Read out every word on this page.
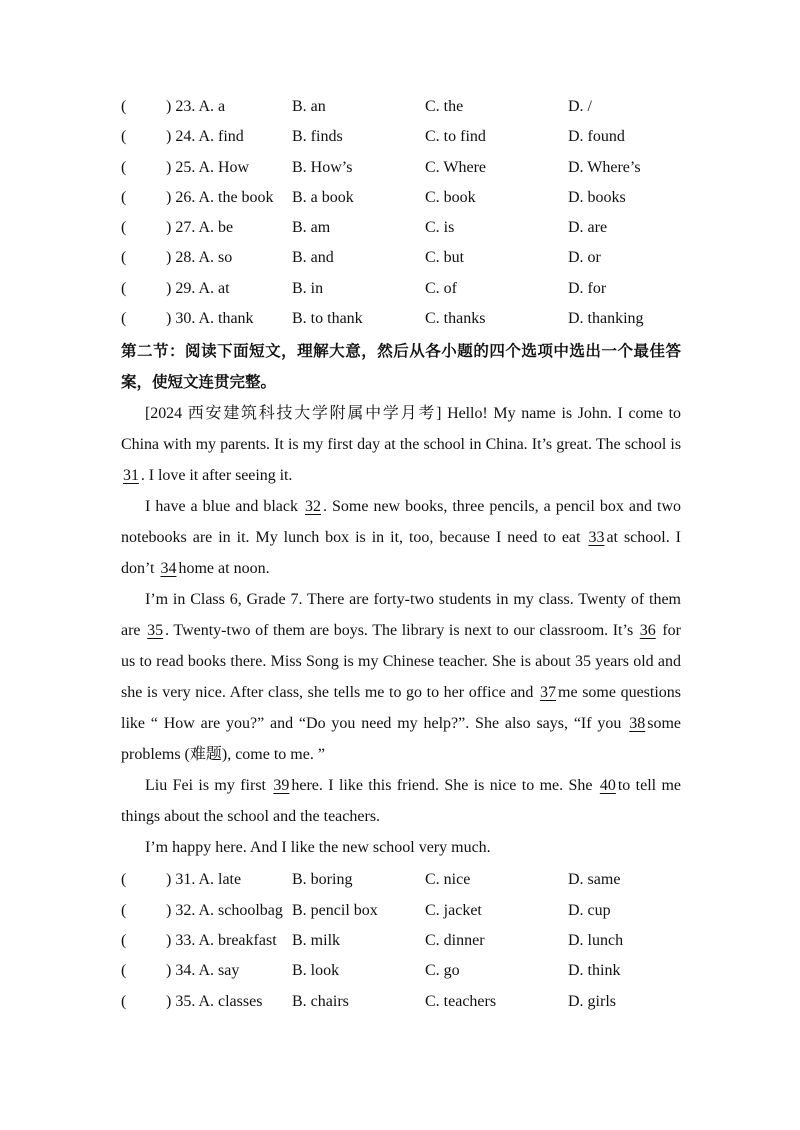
( ) 23. A. a	B. an	C. the	D. /
( ) 24. A. find	B. finds	C. to find	D. found
( ) 25. A. How	B. How’s	C. Where	D. Where’s
( ) 26. A. the book B. a book	C. book	D. books
( ) 27. A. be	B. am	C. is	D. are
( ) 28. A. so	B. and	C. but	D. or
( ) 29. A. at	B. in	C. of	D. for
( ) 30. A. thank B. to thank	C. thanks	D. thanking
第二节：阅读下面短文，理解大意，然后从各小题的四个选项中选出一个最佳答案，使短文连贯完整。

[2024 西安建筑科技大学附属中学月考] Hello! My name is John. I come to China with my parents. It is my first day at the school in China. It’s great. The school is 31 . I love it after seeing it.

I have a blue and black 32 . Some new books, three pencils, a pencil box and two notebooks are in it. My lunch box is in it, too, because I need to eat 33 at school. I don’t 34 home at noon.

I’m in Class 6, Grade 7. There are forty-two students in my class. Twenty of them are 35 . Twenty-two of them are boys. The library is next to our classroom. It’s 36 for us to read books there. Miss Song is my Chinese teacher. She is about 35 years old and she is very nice. After class, she tells me to go to her office and 37 me some questions like “ How are you?” and “Do you need my help?”. She also says, “If you 38 some problems (难题), come to me. ”

Liu Fei is my first 39 here. I like this friend. She is nice to me. She 40 to tell me things about the school and the teachers.

I’m happy here. And I like the new school very much.

( ) 31. A. late	B. boring	C. nice	D. same
( ) 32. A. schoolbag B. pencil box	C. jacket	D. cup
( ) 33. A. breakfast B. milk	C. dinner	D. lunch
( ) 34. A. say	B. look	C. go	D. think
( ) 35. A. classes B. chairs	C. teachers	D. girls
